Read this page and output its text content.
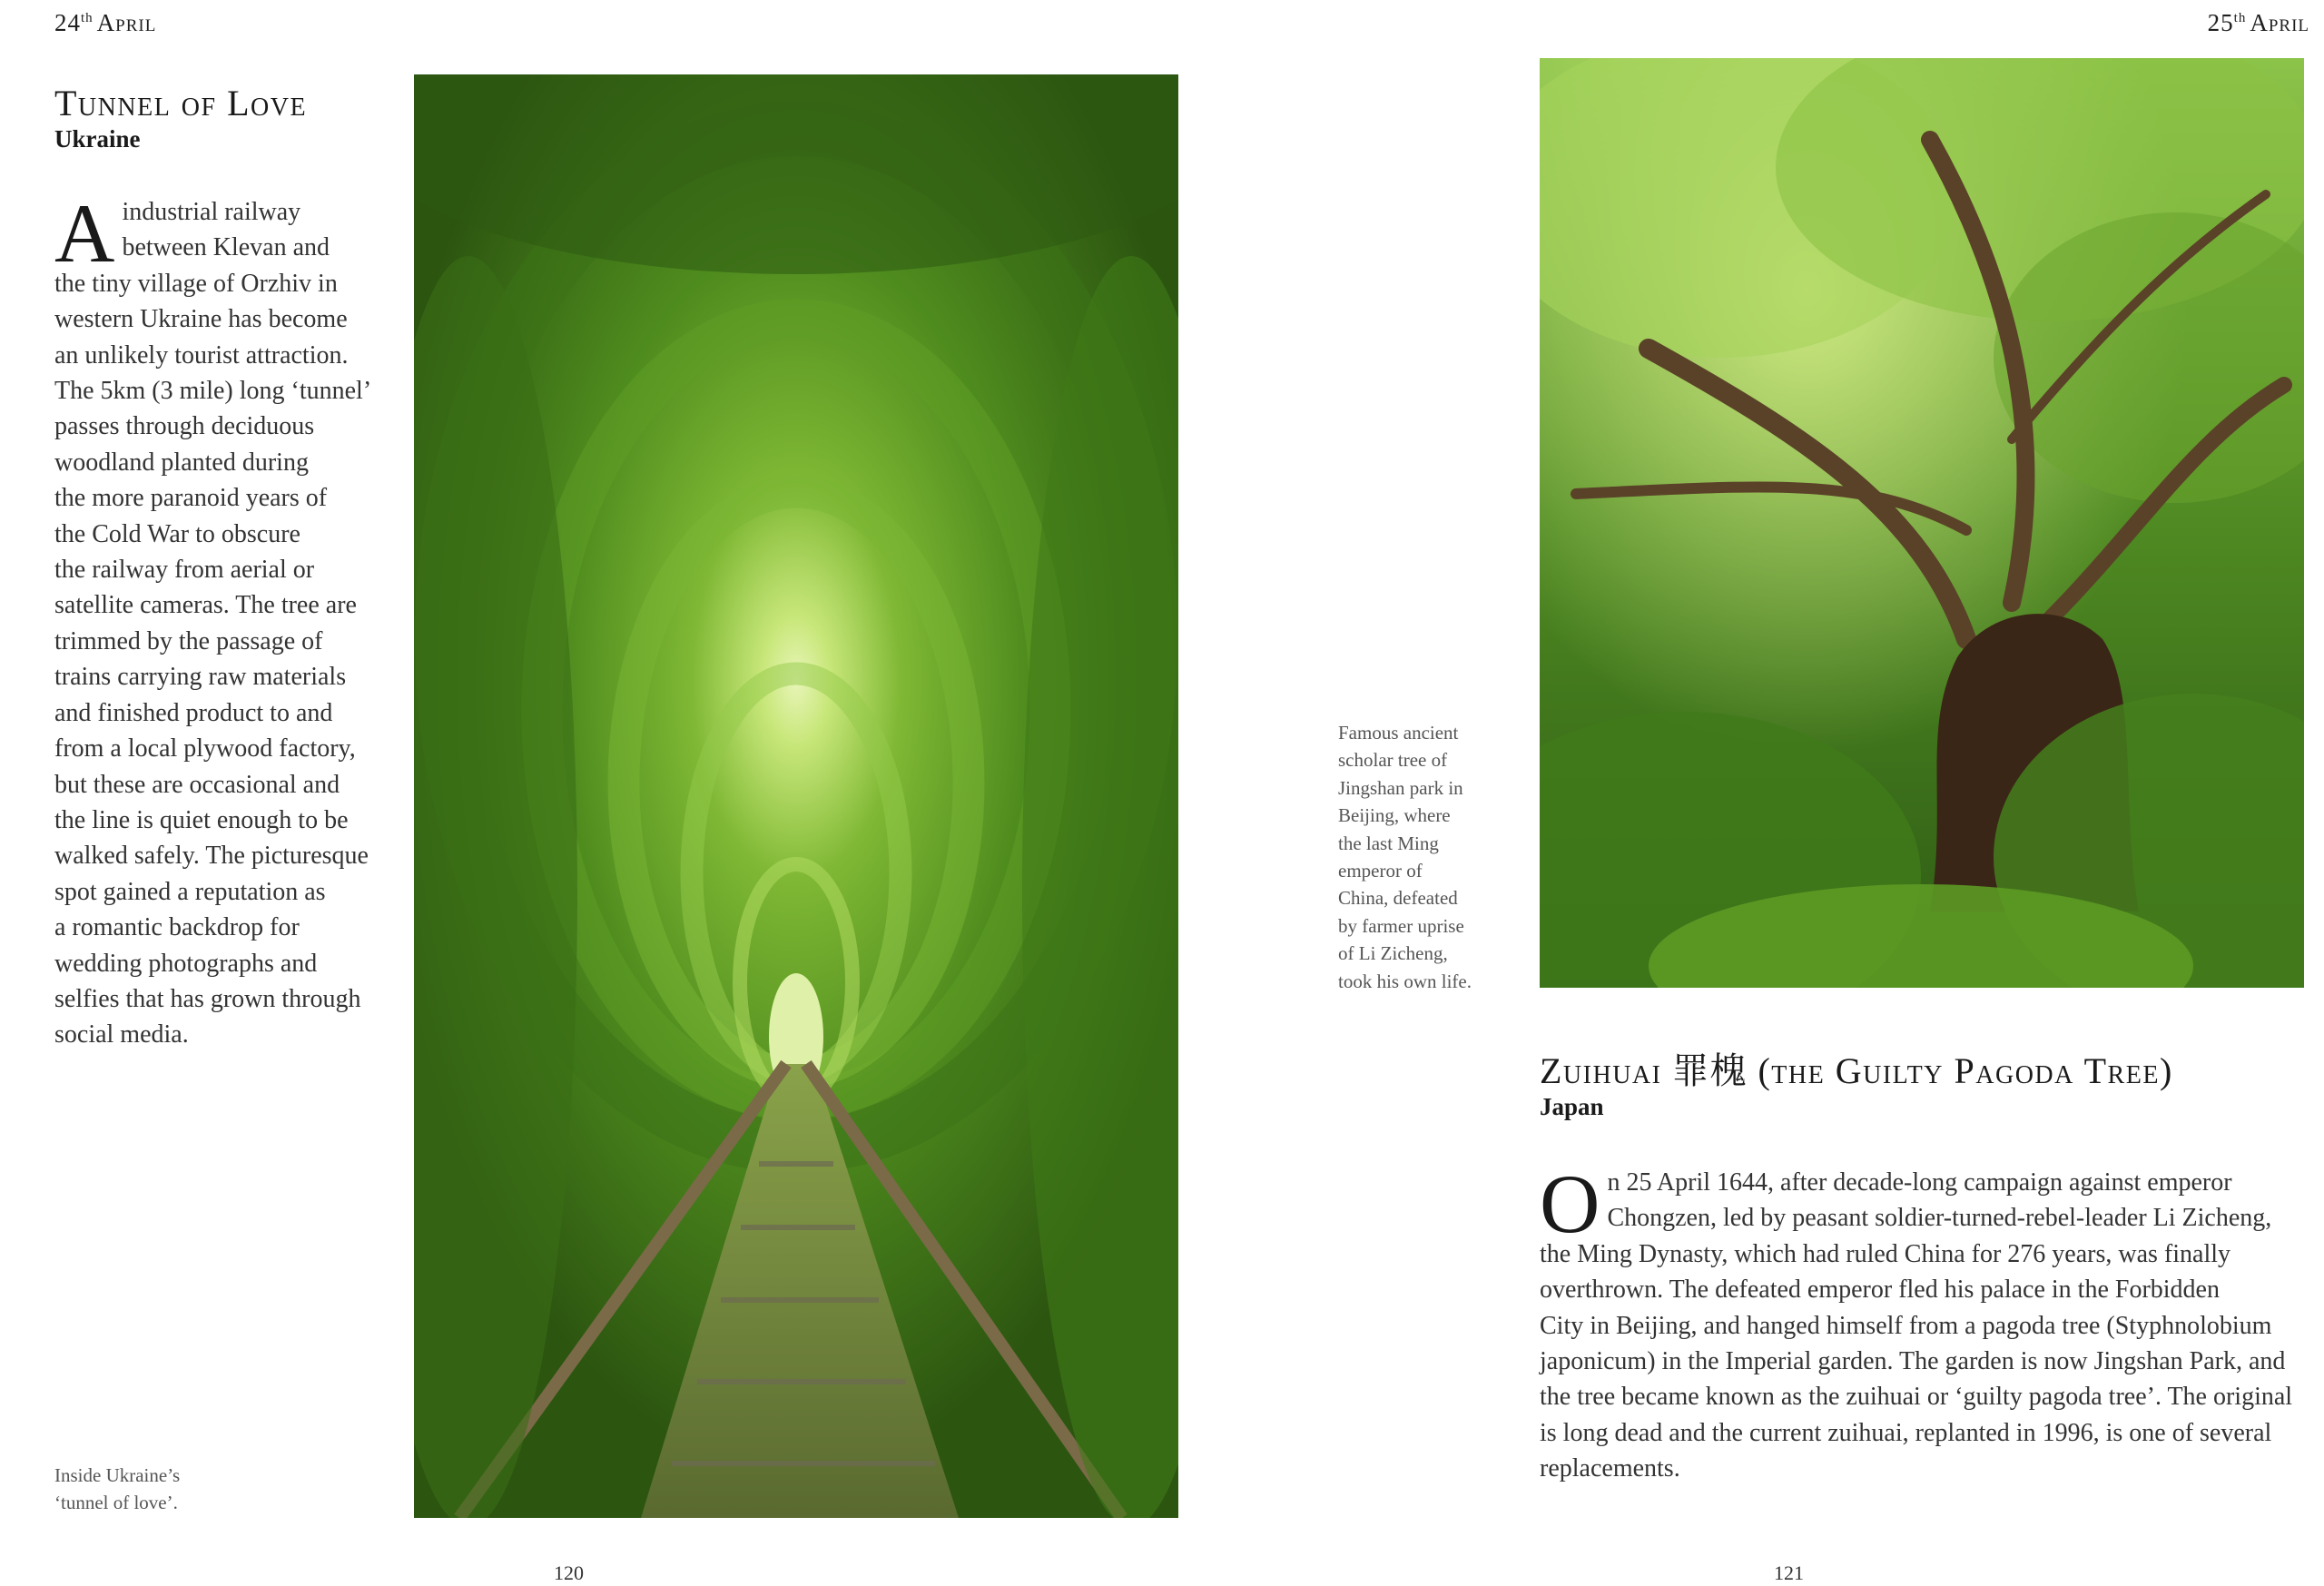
24th April	25th April
Tunnel of Love
Ukraine
A industrial railway
between Klevan and
the tiny village of Orzhiv in
western Ukraine has become
an unlikely tourist attraction.
The 5km (3 mile) long ‘tunnel’
passes through deciduous
woodland planted during
the more paranoid years of
the Cold War to obscure
the railway from aerial or
satellite cameras. The tree are
trimmed by the passage of
trains carrying raw materials
and finished product to and
from a local plywood factory,
but these are occasional and
the line is quiet enough to be
walked safely. The picturesque
spot gained a reputation as
a romantic backdrop for
wedding photographs and
selfies that has grown through
social media.
Inside Ukraine’s
‘tunnel of love’.
Famous ancient
scholar tree of
Jingshan park in
Beijing, where
the last Ming
emperor of
China, defeated
by farmer uprise
of Li Zicheng,
took his own life.
Zuihuai 罪槐 (the Guilty Pagoda Tree)
Japan
O n 25 April 1644, after decade-long campaign against emperor
Chongzen, led by peasant soldier-turned-rebel-leader Li Zicheng,
the Ming Dynasty, which had ruled China for 276 years, was finally
overthrown. The defeated emperor fled his palace in the Forbidden
City in Beijing, and hanged himself from a pagoda tree (Styphnolobium
japonicum) in the Imperial garden. The garden is now Jingshan Park, and
the tree became known as the zuihuai or ‘guilty pagoda tree’. The original
is long dead and the current zuihuai, replanted in 1996, is one of several
replacements.
120	121
